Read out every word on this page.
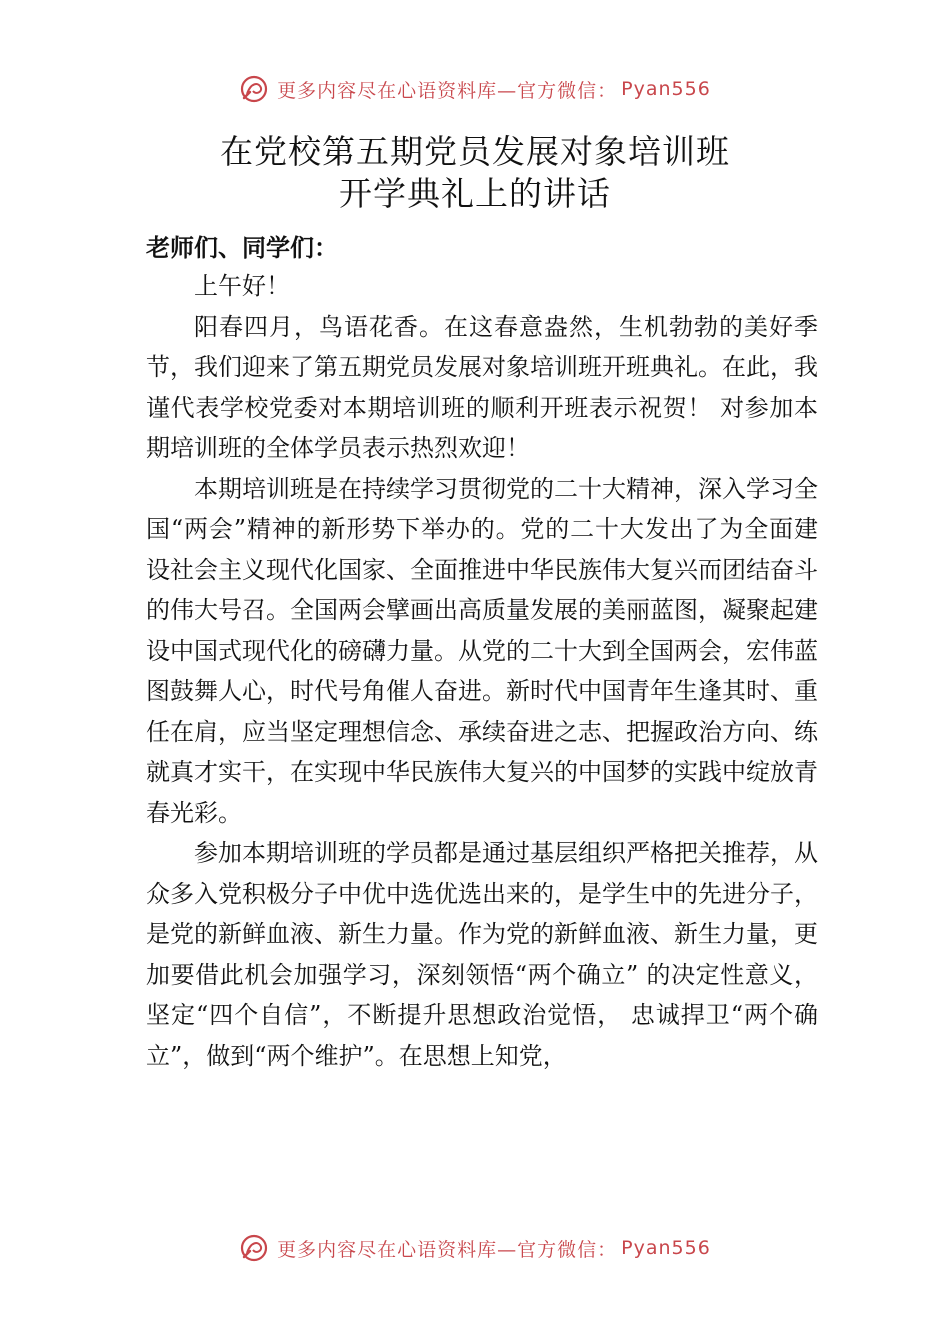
更多内容尽在心语资料库—官方微信： Pyan556
在党校第五期党员发展对象培训班
开学典礼上的讲话
老师们、同学们：

上午好！

阳春四月，鸟语花香。在这春意盎然，生机勃勃的美好季节，我们迎来了第五期党员发展对象培训班开班典礼。在此，我谨代表学校党委对本期培训班的顺利开班表示祝贺！ 对参加本期培训班的全体学员表示热烈欢迎！

本期培训班是在持续学习贯彻党的二十大精神，深入学习全国“两会”精神的新形势下举办的。党的二十大发出了为全面建设社会主义现代化国家、全面推进中华民族伟大复兴而团结奋斗的伟大号召。全国两会擘画出高质量发展的美丽蓝图，凝聚起建设中国式现代化的磅礴力量。从党的二十大到全国两会，宏伟蓝图鼓舞人心，时代号角催人奋进。新时代中国青年生逢其时、重任在肩，应当坚定理想信念、承续奋进之志、把握政治方向、练就真才实干，在实现中华民族伟大复兴的中国梦的实践中绽放青春光彩。

参加本期培训班的学员都是通过基层组织严格把关推荐，从众多入党积极分子中优中选优选出来的，是学生中的先进分子，是党的新鲜血液、新生力量。作为党的新鲜血液、新生力量，更加要借此机会加强学习，深刻领悟“两个确立” 的决定性意义，坚定“四个自信”，不断提升思想政治觉悟， 忠诚捍卫“两个确立”，做到“两个维护”。在思想上知党，

更多内容尽在心语资料库—官方微信： Pyan556
